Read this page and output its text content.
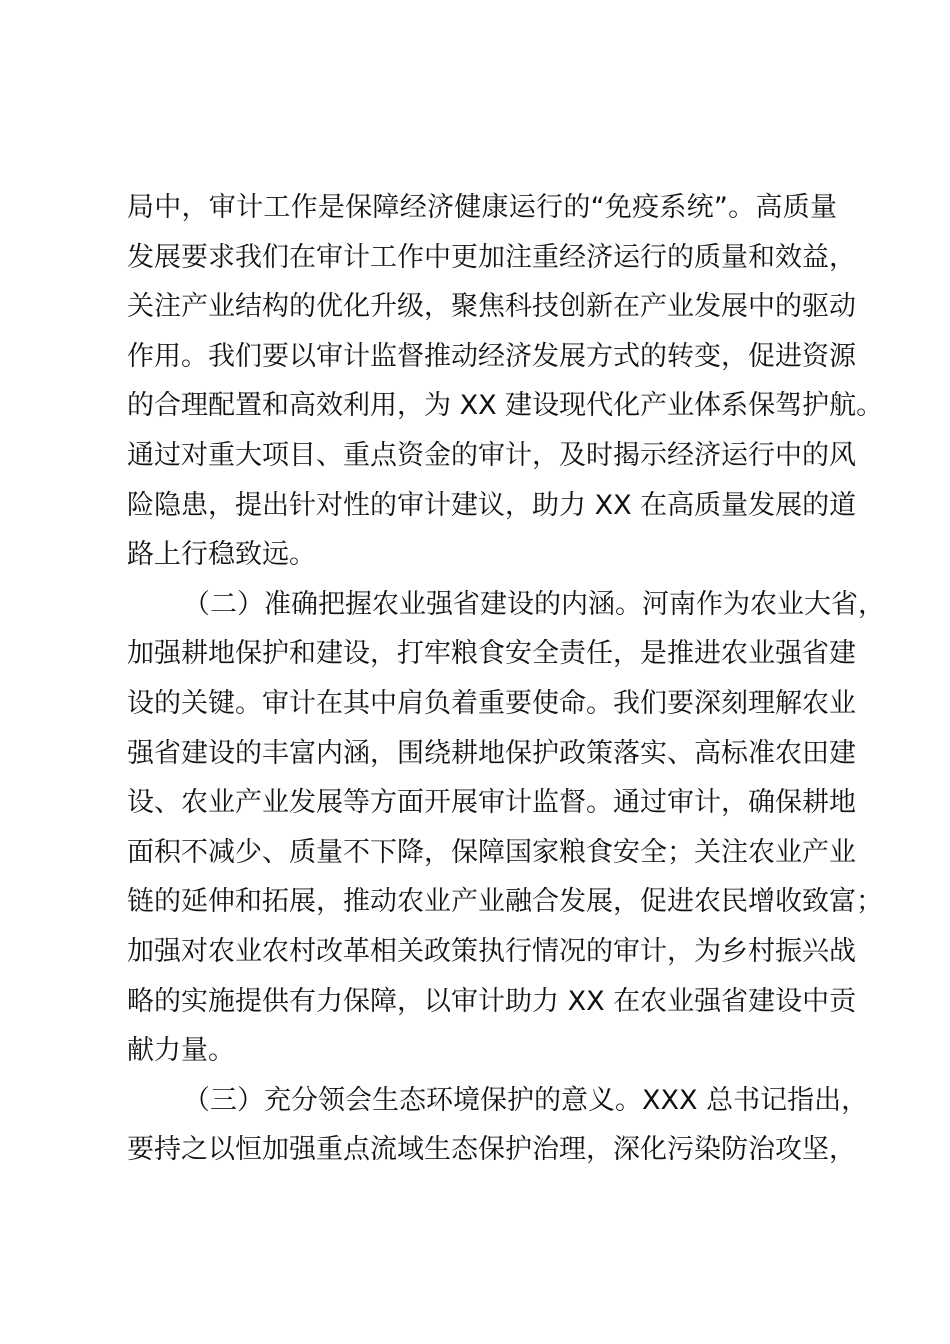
局中，审计工作是保障经济健康运行的“免疫系统”。高质量
发展要求我们在审计工作中更加注重经济运行的质量和效益，
关注产业结构的优化升级，聚焦科技创新在产业发展中的驱动
作用。我们要以审计监督推动经济发展方式的转变，促进资源
的合理配置和高效利用，为 XX 建设现代化产业体系保驾护航。
通过对重大项目、重点资金的审计，及时揭示经济运行中的风
险隐患，提出针对性的审计建议，助力 XX 在高质量发展的道
路上行稳致远。
（二）准确把握农业强省建设的内涵。河南作为农业大省，
加强耕地保护和建设，打牢粮食安全责任，是推进农业强省建
设的关键。审计在其中肩负着重要使命。我们要深刻理解农业
强省建设的丰富内涵，围绕耕地保护政策落实、高标准农田建
设、农业产业发展等方面开展审计监督。通过审计，确保耕地
面积不减少、质量不下降，保障国家粮食安全；关注农业产业
链的延伸和拓展，推动农业产业融合发展，促进农民增收致富；
加强对农业农村改革相关政策执行情况的审计，为乡村振兴战
略的实施提供有力保障，以审计助力 XX 在农业强省建设中贡
献力量。
（三）充分领会生态环境保护的意义。XXX 总书记指出，
要持之以恒加强重点流域生态保护治理，深化污染防治攻坚，
